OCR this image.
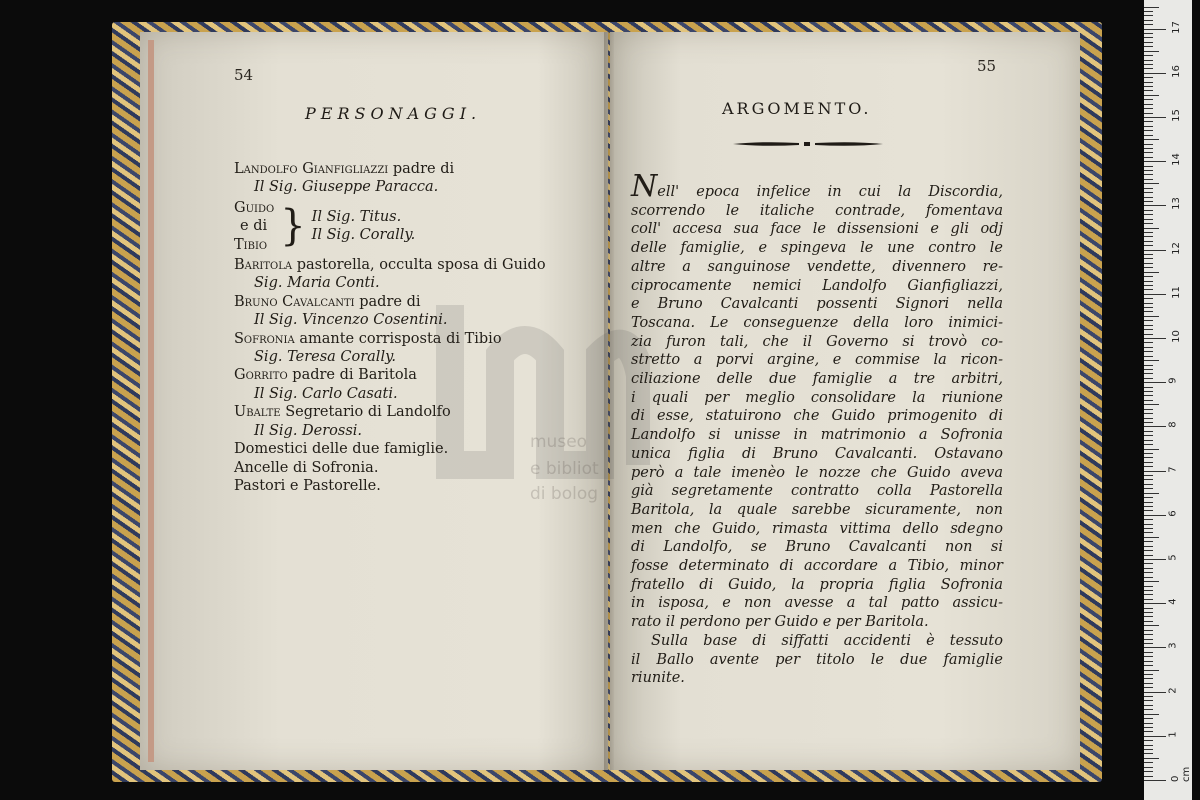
museo
e bibliot
di bolog
54
PERSONAGGI.
Landolfo Gianfigliazzi padre di
Il Sig. Giuseppe Paracca.
Guido
e di
Tibio } Il Sig. Titus.
Il Sig. Corally.
Baritola pastorella, occulta sposa di Guido
Sig. Maria Conti.
Bruno Cavalcanti padre di
Il Sig. Vincenzo Cosentini.
Sofronia amante corrisposta di Tibio
Sig. Teresa Corally.
Gorrito padre di Baritola
Il Sig. Carlo Casati.
Ubalte Segretario di Landolfo
Il Sig. Derossi.
Domestici delle due famiglie.
Ancelle di Sofronia.
Pastori e Pastorelle.
55
ARGOMENTO.
Nell' epoca infelice in cui la Discordia,
scorrendo le italiche contrade, fomentava
coll' accesa sua face le dissensioni e gli odj
delle famiglie, e spingeva le une contro le
altre a sanguinose vendette, divennero re-
ciprocamente nemici Landolfo Gianfigliazzi,
e Bruno Cavalcanti possenti Signori nella
Toscana. Le conseguenze della loro inimici-
zia furon tali, che il Governo si trovò co-
stretto a porvi argine, e commise la ricon-
ciliazione delle due famiglie a tre arbitri,
i quali per meglio consolidare la riunione
di esse, statuirono che Guido primogenito di
Landolfo si unisse in matrimonio a Sofronia
unica figlia di Bruno Cavalcanti. Ostavano
però a tale imenèo le nozze che Guido aveva
già segretamente contratto colla Pastorella
Baritola, la quale sarebbe sicuramente, non
men che Guido, rimasta vittima dello sdegno
di Landolfo, se Bruno Cavalcanti non si
fosse determinato di accordare a Tibio, minor
fratello di Guido, la propria figlia Sofronia
in isposa, e non avesse a tal patto assicu-
rato il perdono per Guido e per Baritola.
Sulla base di siffatti accidenti è tessuto
il Ballo avente per titolo le due famiglie
riunite.
0 cm
1
2
3
4
5
6
7
8
9
10
11
12
13
14
15
16
17
